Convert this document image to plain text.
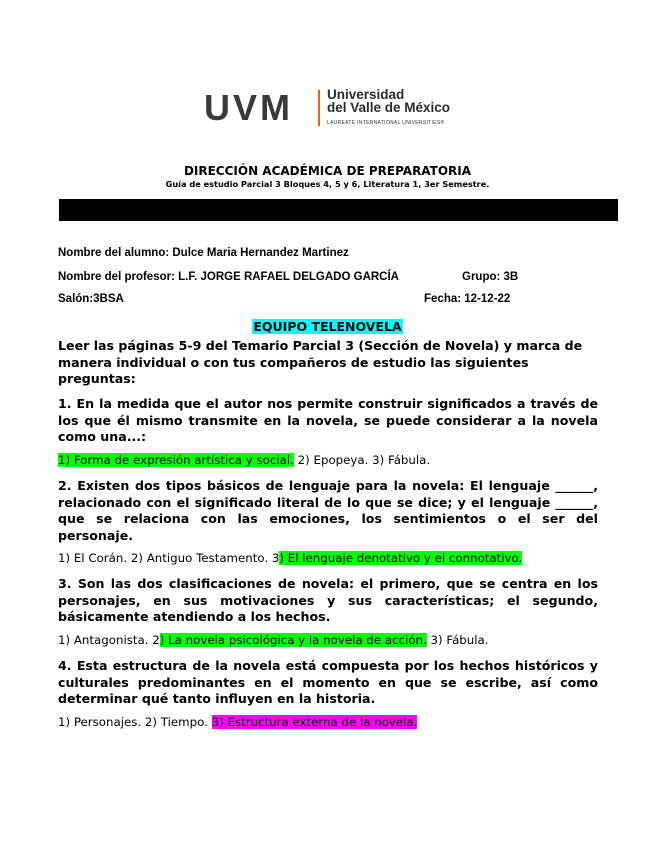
UVM	Universidad
del Valle de México
LAUREATE INTERNATIONAL UNIVERSITIES®
DIRECCIÓN ACADÉMICA DE PREPARATORIA
Guía de estudio Parcial 3 Bloques 4, 5 y 6, Literatura 1, 3er Semestre.
Nombre del alumno: Dulce Maria Hernandez Martinez
Nombre del profesor: L.F. JORGE RAFAEL DELGADO GARCÍA	Grupo: 3B
Salón:3BSA	Fecha: 12-12-22
EQUIPO TELENOVELA
Leer las páginas 5-9 del Temario Parcial 3 (Sección de Novela) y marca de manera individual o con tus compañeros de estudio las siguientes preguntas:
1. En la medida que el autor nos permite construir significados a través de los que él mismo transmite en la novela, se puede considerar a la novela como una...:
1) Forma de expresión artística y social. 2) Epopeya. 3) Fábula.
2. Existen dos tipos básicos de lenguaje para la novela: El lenguaje ______, relacionado con el significado literal de lo que se dice; y el lenguaje ______, que se relaciona con las emociones, los sentimientos o el ser del personaje.
1) El Corán. 2) Antiguo Testamento. 3) El lenguaje denotativo y el connotativo.
3. Son las dos clasificaciones de novela: el primero, que se centra en los personajes, en sus motivaciones y sus características; el segundo, básicamente atendiendo a los hechos.
1) Antagonista. 2) La novela psicológica y la novela de acción. 3) Fábula.
4. Esta estructura de la novela está compuesta por los hechos históricos y culturales predominantes en el momento en que se escribe, así como determinar qué tanto influyen en la historia.
1) Personajes. 2) Tiempo. 3) Estructura externa de la novela.
